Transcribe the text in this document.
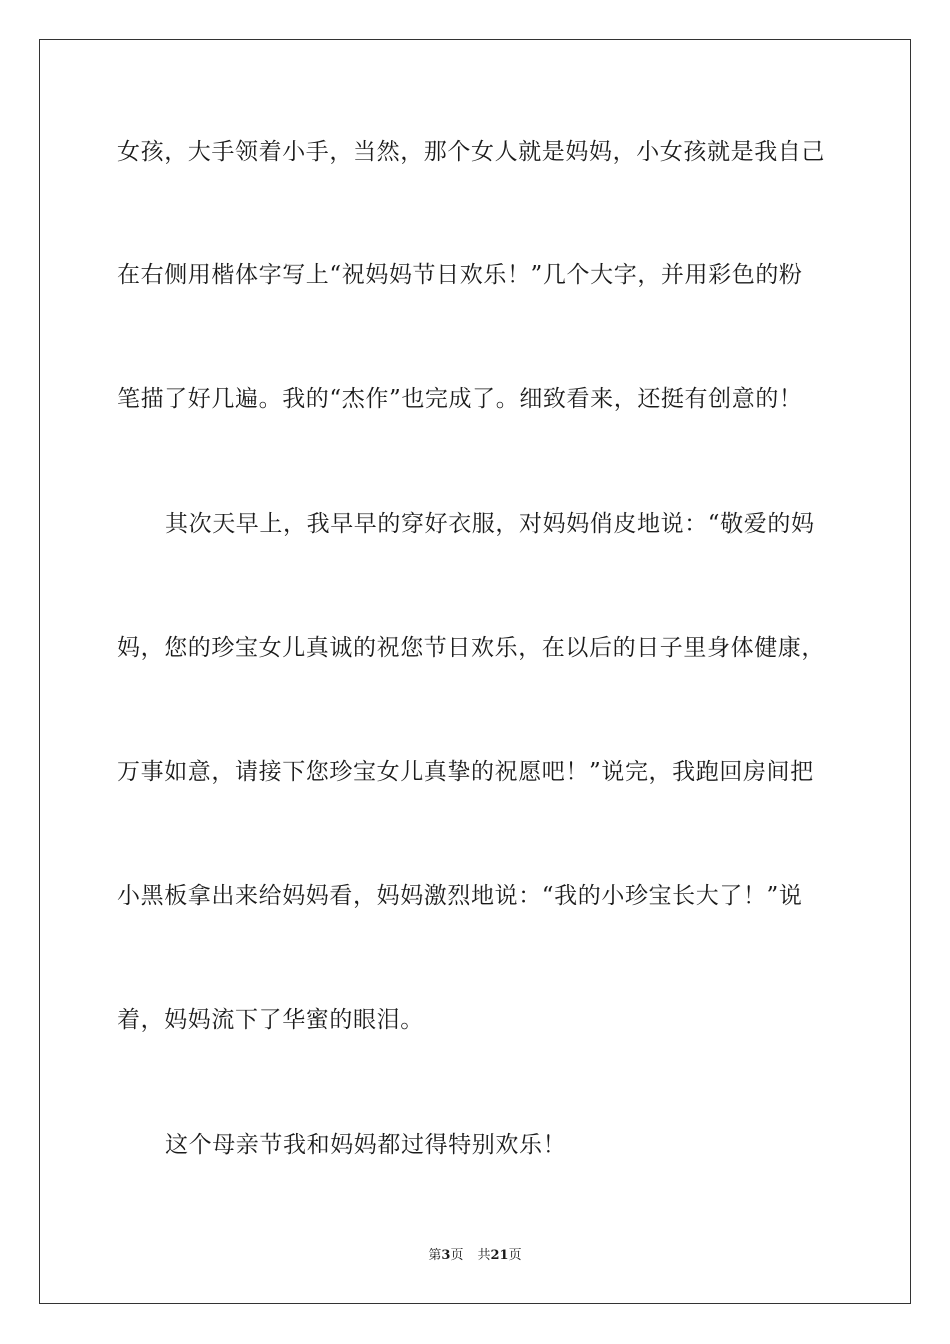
女孩，大手领着小手，当然，那个女人就是妈妈，小女孩就是我自己
在右侧用楷体字写上“祝妈妈节日欢乐！”几个大字，并用彩色的粉
笔描了好几遍。我的“杰作”也完成了。细致看来，还挺有创意的！
其次天早上，我早早的穿好衣服，对妈妈俏皮地说：“敬爱的妈
妈，您的珍宝女儿真诚的祝您节日欢乐，在以后的日子里身体健康，
万事如意，请接下您珍宝女儿真挚的祝愿吧！”说完，我跑回房间把
小黑板拿出来给妈妈看，妈妈激烈地说：“我的小珍宝长大了！”说
着，妈妈流下了华蜜的眼泪。
这个母亲节我和妈妈都过得特别欢乐！
第3页 共21页
